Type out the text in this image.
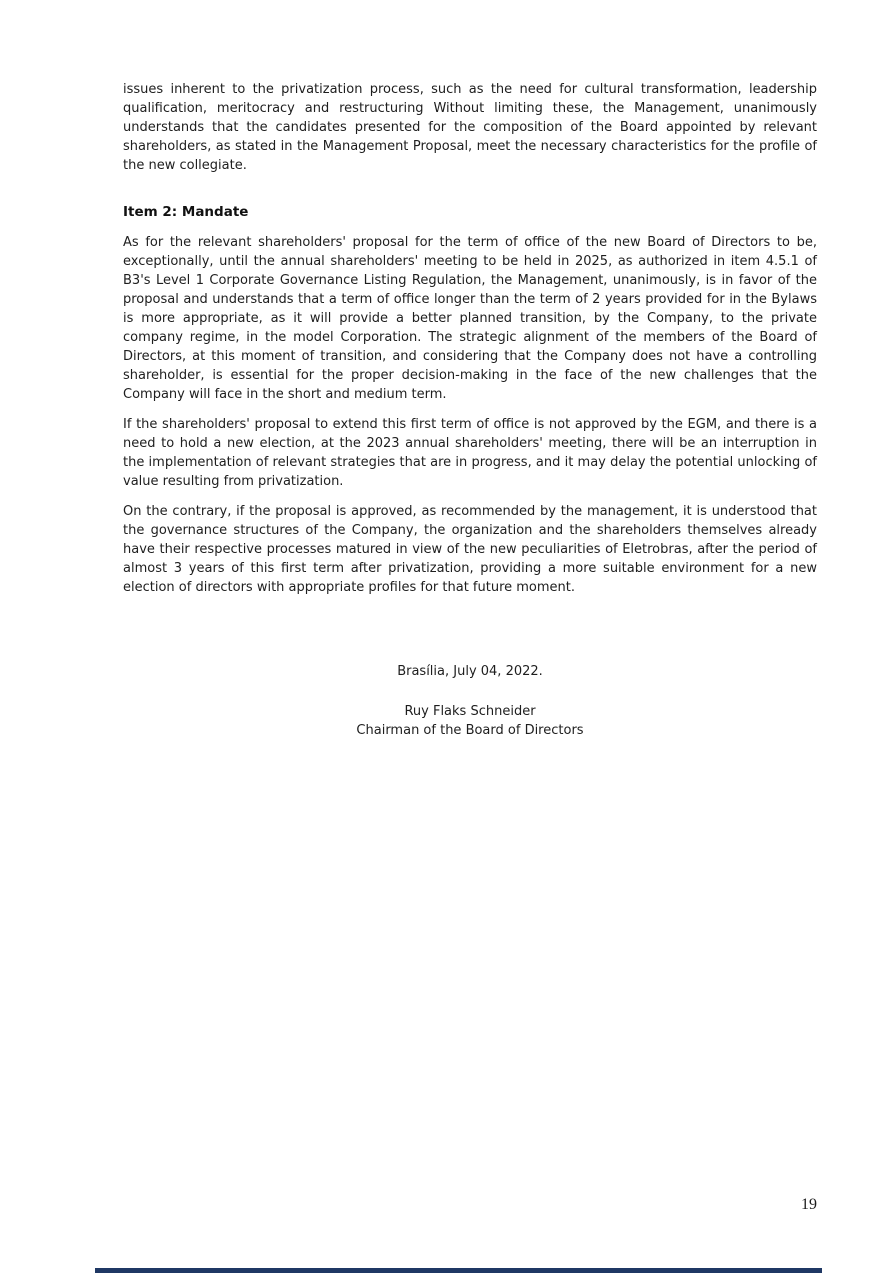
issues inherent to the privatization process, such as the need for cultural transformation, leadership qualification, meritocracy and restructuring Without limiting these, the Management, unanimously understands that the candidates presented for the composition of the Board appointed by relevant shareholders, as stated in the Management Proposal, meet the necessary characteristics for the profile of the new collegiate.

Item 2: Mandate

As for the relevant shareholders' proposal for the term of office of the new Board of Directors to be, exceptionally, until the annual shareholders' meeting to be held in 2025, as authorized in item 4.5.1 of B3's Level 1 Corporate Governance Listing Regulation, the Management, unanimously, is in favor of the proposal and understands that a term of office longer than the term of 2 years provided for in the Bylaws is more appropriate, as it will provide a better planned transition, by the Company, to the private company regime, in the model Corporation. The strategic alignment of the members of the Board of Directors, at this moment of transition, and considering that the Company does not have a controlling shareholder, is essential for the proper decision-making in the face of the new challenges that the Company will face in the short and medium term.

If the shareholders' proposal to extend this first term of office is not approved by the EGM, and there is a need to hold a new election, at the 2023 annual shareholders' meeting, there will be an interruption in the implementation of relevant strategies that are in progress, and it may delay the potential unlocking of value resulting from privatization.

On the contrary, if the proposal is approved, as recommended by the management, it is understood that the governance structures of the Company, the organization and the shareholders themselves already have their respective processes matured in view of the new peculiarities of Eletrobras, after the period of almost 3 years of this first term after privatization, providing a more suitable environment for a new election of directors with appropriate profiles for that future moment.

Brasília, July 04, 2022.

Ruy Flaks Schneider

Chairman of the Board of Directors

19
